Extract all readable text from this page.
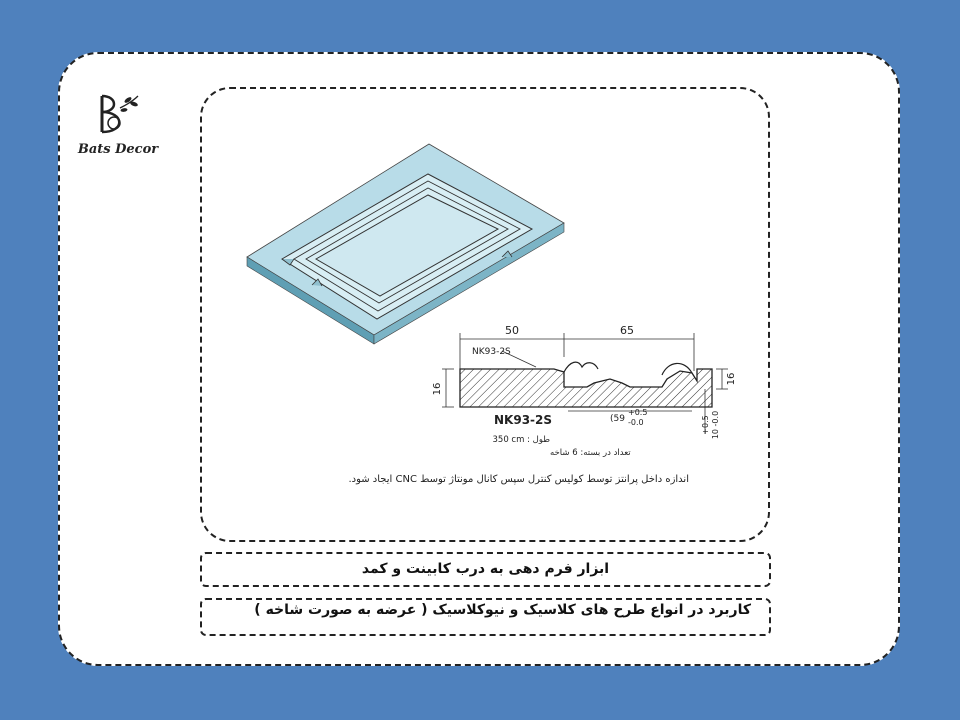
Bats Decor
50	65
NK93-2S
16
16
NK93-2S	(59
+0.5
-0.0	+0.5 10 -0.0
350 cm : طول
تعداد در بسته: 6 شاخه
اندازه داخل پرانتز توسط کولیس کنترل سپس کانال مونتاژ توسط CNC ایجاد شود.
ابزار فرم دهی به درب کابینت و کمد
کاربرد در انواع طرح های کلاسیک و نیوکلاسیک ( عرضه به صورت شاخه )
